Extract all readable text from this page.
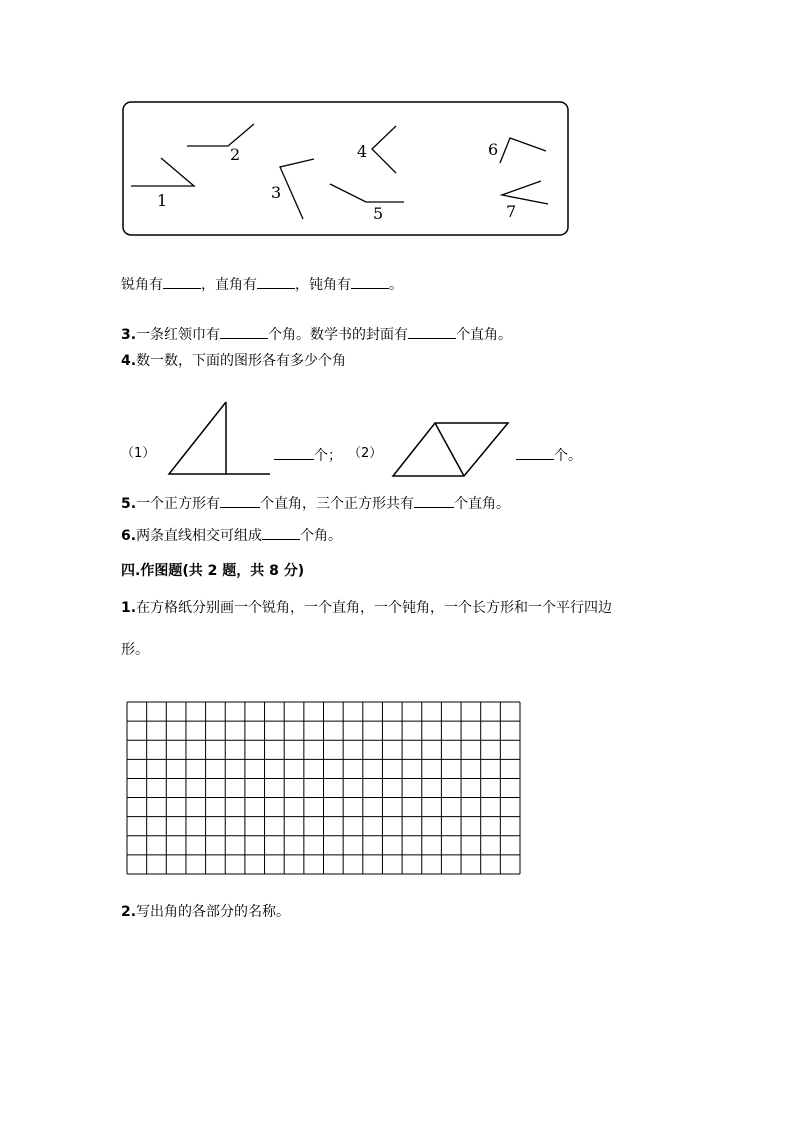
1
2
3
4
5
6
7
锐角有	，直角有	，钝角有	。
3.一条红领巾有	个角。数学书的封面有	个直角。
4.数一数，下面的图形各有多少个角
（1）	个； （2）	个。
5.一个正方形有	个直角，三个正方形共有	个直角。
6.两条直线相交可组成	个角。
四.作图题(共 2 题，共 8 分)
1.在方格纸分别画一个锐角，一个直角，一个钝角，一个长方形和一个平行四边
形。
2.写出角的各部分的名称。
